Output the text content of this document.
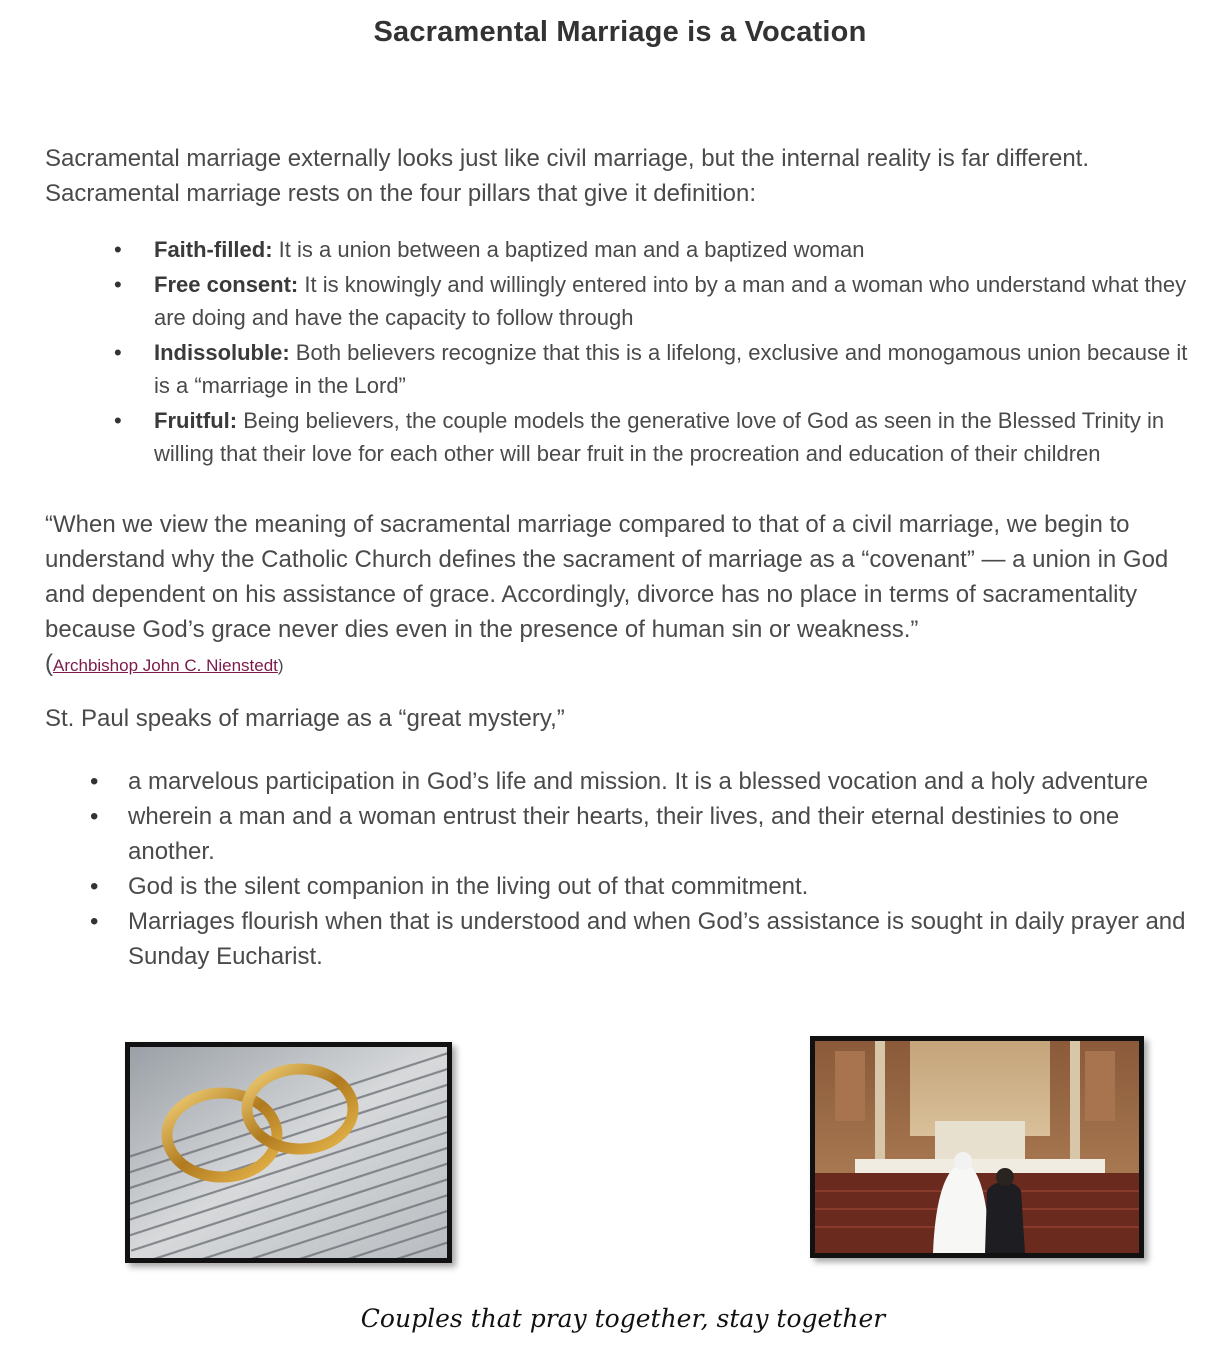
Sacramental Marriage is a Vocation
Sacramental marriage externally looks just like civil marriage, but the internal reality is far different. Sacramental marriage rests on the four pillars that give it definition:
• Faith-filled: It is a union between a baptized man and a baptized woman
• Free consent: It is knowingly and willingly entered into by a man and a woman who understand what they are doing and have the capacity to follow through
• Indissoluble: Both believers recognize that this is a lifelong, exclusive and monogamous union because it is a “marriage in the Lord”
• Fruitful: Being believers, the couple models the generative love of God as seen in the Blessed Trinity in willing that their love for each other will bear fruit in the procreation and education of their children
“When we view the meaning of sacramental marriage compared to that of a civil marriage, we begin to understand why the Catholic Church defines the sacrament of marriage as a “covenant” — a union in God and dependent on his assistance of grace. Accordingly, divorce has no place in terms of sacramentality because God’s grace never dies even in the presence of human sin or weakness.”
(Archbishop John C. Nienstedt)
St. Paul speaks of marriage as a “great mystery,”
• a marvelous participation in God’s life and mission. It is a blessed vocation and a holy adventure
• wherein a man and a woman entrust their hearts, their lives, and their eternal destinies to one another.
• God is the silent companion in the living out of that commitment.
• Marriages flourish when that is understood and when God’s assistance is sought in daily prayer and Sunday Eucharist.
Couples that pray together, stay together
